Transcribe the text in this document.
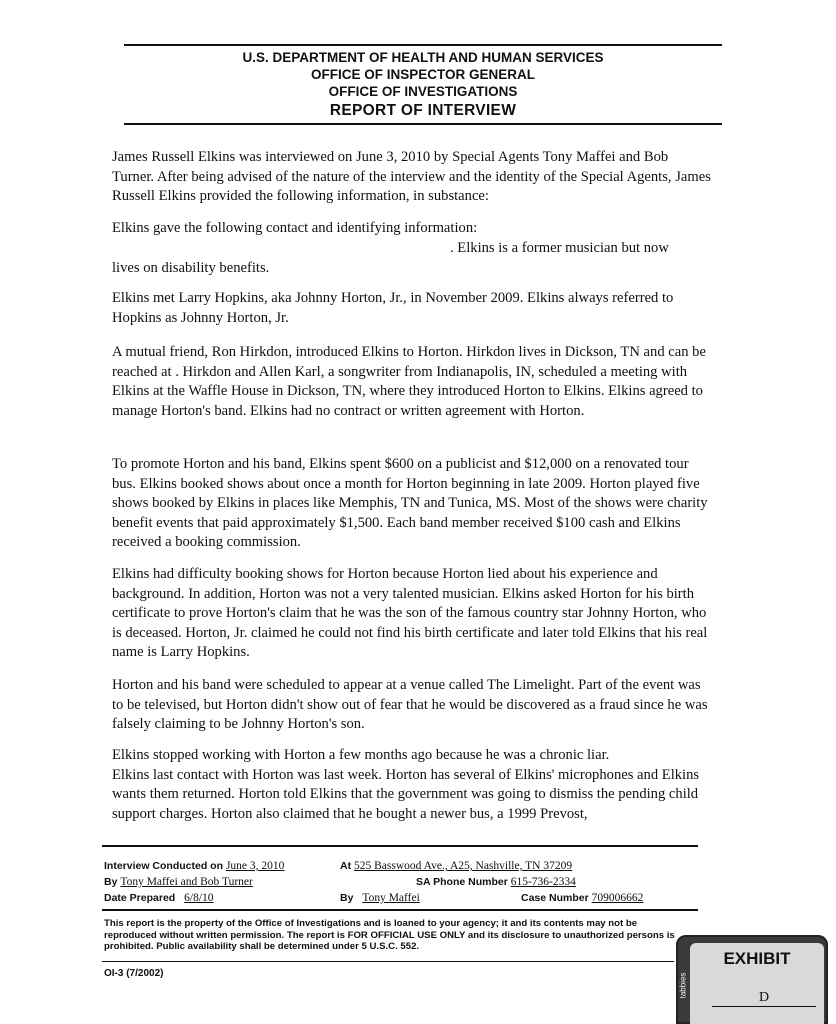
U.S. DEPARTMENT OF HEALTH AND HUMAN SERVICES
OFFICE OF INSPECTOR GENERAL
OFFICE OF INVESTIGATIONS
REPORT OF INTERVIEW

James Russell Elkins was interviewed on June 3, 2010 by Special Agents Tony Maffei and Bob Turner. After being advised of the nature of the interview and the identity of the Special Agents, James Russell Elkins provided the following information, in substance:

Elkins gave the following contact and identifying information:

. Elkins is a former musician but now

lives on disability benefits.

Elkins met Larry Hopkins, aka Johnny Horton, Jr., in November 2009. Elkins always referred to Hopkins as Johnny Horton, Jr.
A mutual friend, Ron Hirkdon, introduced Elkins to Horton. Hirkdon lives in Dickson, TN and can be reached at . Hirkdon and Allen Karl, a songwriter from Indianapolis, IN, scheduled a meeting with Elkins at the Waffle House in Dickson, TN, where they introduced Horton to Elkins. Elkins agreed to manage Horton's band. Elkins had no contract or written agreement with Horton.
To promote Horton and his band, Elkins spent $600 on a publicist and $12,000 on a renovated tour bus. Elkins booked shows about once a month for Horton beginning in late 2009. Horton played five shows booked by Elkins in places like Memphis, TN and Tunica, MS. Most of the shows were charity benefit events that paid approximately $1,500. Each band member received $100 cash and Elkins received a booking commission.
Elkins had difficulty booking shows for Horton because Horton lied about his experience and background. In addition, Horton was not a very talented musician. Elkins asked Horton for his birth certificate to prove Horton's claim that he was the son of the famous country star Johnny Horton, who is deceased. Horton, Jr. claimed he could not find his birth certificate and later told Elkins that his real name is Larry Hopkins.
Horton and his band were scheduled to appear at a venue called The Limelight. Part of the event was to be televised, but Horton didn't show out of fear that he would be discovered as a fraud since he was falsely claiming to be Johnny Horton's son.

Elkins stopped working with Horton a few months ago because he was a chronic liar.

Elkins last contact with Horton was last week. Horton has several of Elkins' microphones and Elkins wants them returned. Horton told Elkins that the government was going to dismiss the pending child support charges. Horton also claimed that he bought a newer bus, a 1999 Prevost,

Interview Conducted on June 3, 2010	At 525 Basswood Ave., A25, Nashville, TN 37209
By Tony Maffei and Bob Turner	SA Phone Number 615-736-2334
Date Prepared 6/8/10	By Tony Maffei	Case Number 709006662
This report is the property of the Office of Investigations and is loaned to your agency; it and its contents may not be reproduced without written permission. The report is FOR OFFICIAL USE ONLY and its disclosure to unauthorized persons is prohibited. Public availability shall be determined under 5 U.S.C. 552.
OI-3 (7/2002)
EXHIBIT
D
tabbies
